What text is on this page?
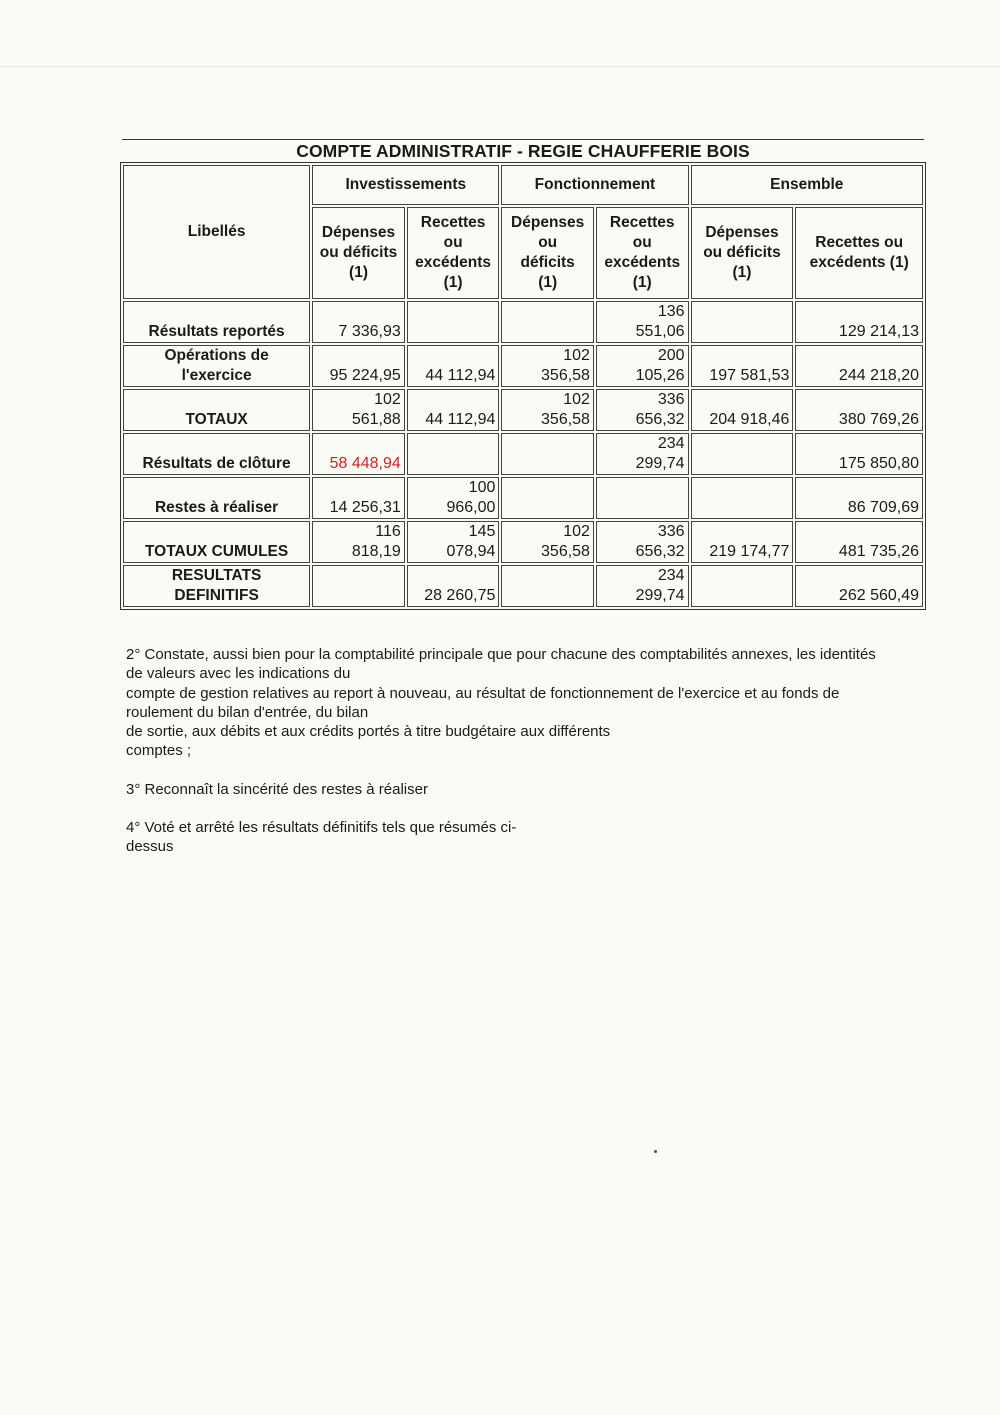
COMPTE ADMINISTRATIF - REGIE CHAUFFERIE BOIS
Libellés	Investissements		Fonctionnement		Ensemble	
	Dépenses
ou déficits
(1)	Recettes
ou
excédents
(1)	Dépenses
ou
déficits
(1)	Recettes
ou
excédents
(1)	Dépenses
ou déficits
(1)	Recettes ou
excédents (1)
Résultats reportés	7 336,93			136
551,06		129 214,13
Opérations de
l'exercice	95 224,95	44 112,94	102
356,58	200
105,26	197 581,53	244 218,20
TOTAUX	102
561,88	44 112,94	102
356,58	336
656,32	204 918,46	380 769,26
Résultats de clôture	58 448,94			234
299,74		175 850,80
Restes à réaliser	14 256,31	100
966,00				86 709,69
TOTAUX CUMULES	116
818,19	145
078,94	102
356,58	336
656,32	219 174,77	481 735,26
RESULTATS
DEFINITIFS		28 260,75		234
299,74		262 560,49

2° Constate, aussi bien pour la comptabilité principale que pour chacune des comptabilités annexes, les identités
de valeurs avec les indications du
compte de gestion relatives au report à nouveau, au résultat de fonctionnement de l'exercice et au fonds de
roulement du bilan d'entrée, du bilan
de sortie, aux débits et aux crédits portés à titre budgétaire aux différents
comptes ;

3° Reconnaît la sincérité des restes à réaliser

4° Voté et arrêté les résultats définitifs tels que résumés ci-
dessus
